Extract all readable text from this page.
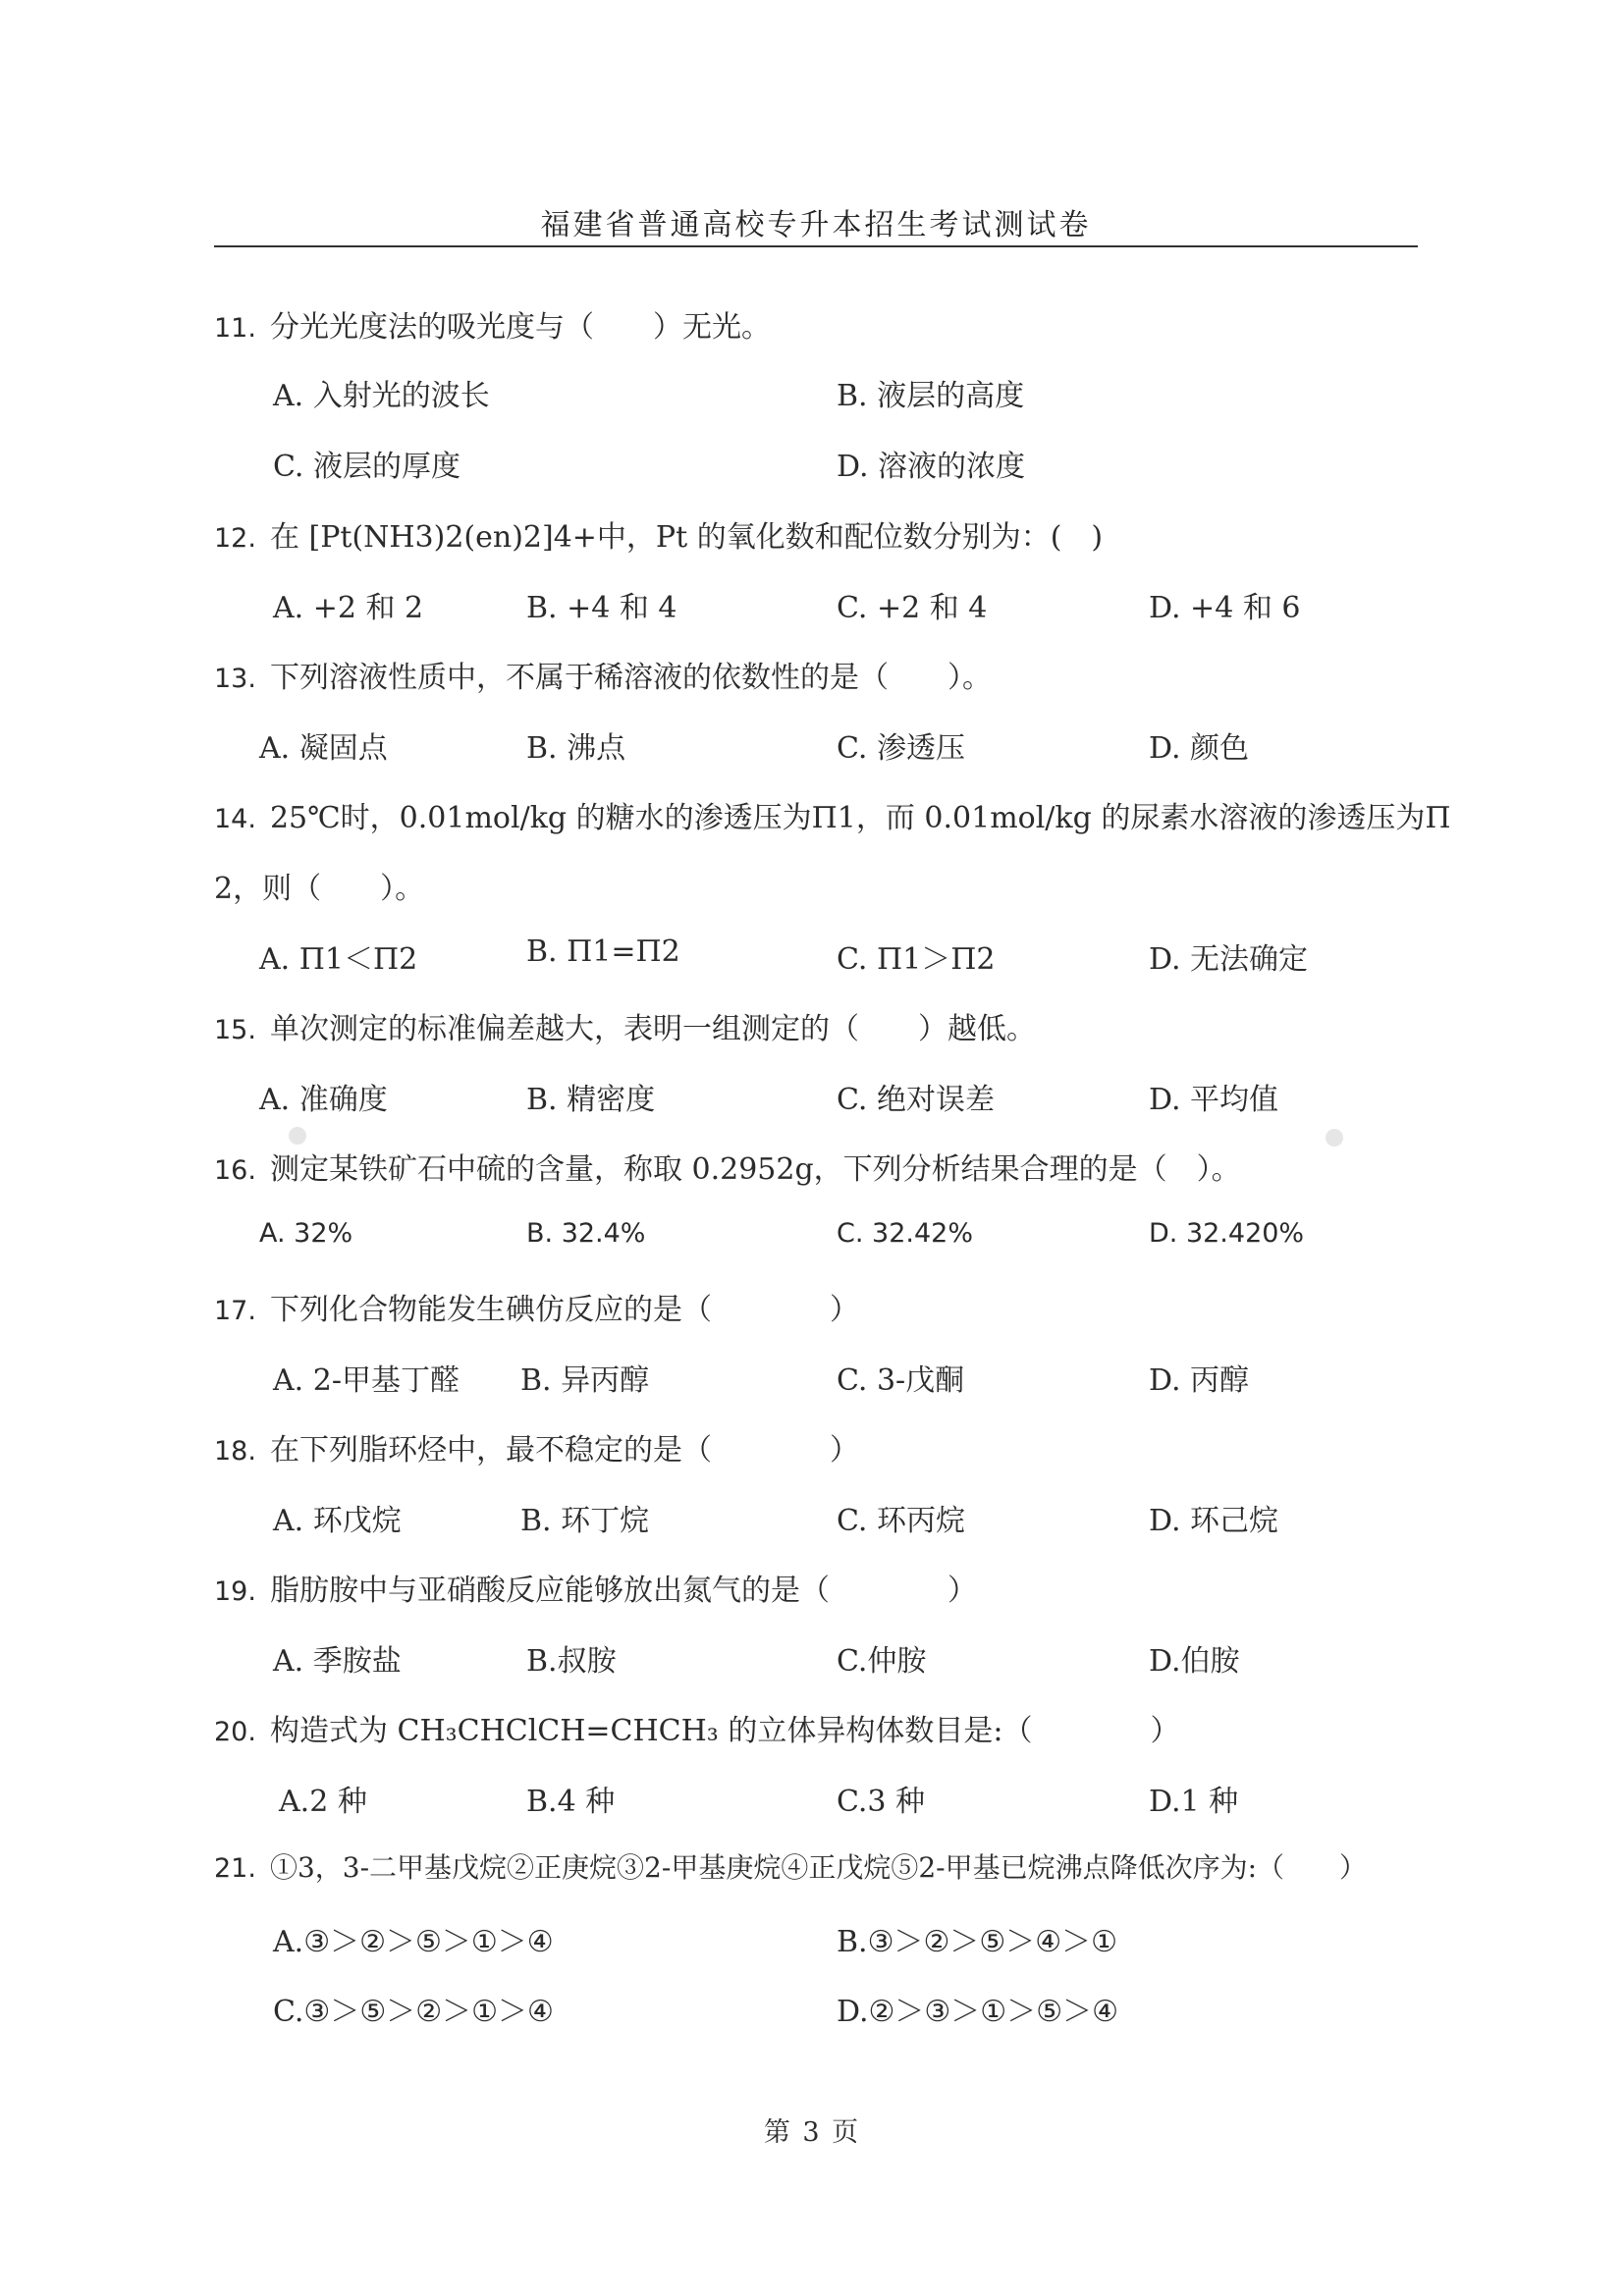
福建省普通高校专升本招生考试测试卷
11. 分光光度法的吸光度与（　　）无光。
A. 入射光的波长	B. 液层的高度
C. 液层的厚度	D. 溶液的浓度
12. 在 [Pt(NH3)2(en)2]4+中，Pt 的氧化数和配位数分别为：(　)
A. +2 和 2	B. +4 和 4	C. +2 和 4	D. +4 和 6
13. 下列溶液性质中，不属于稀溶液的依数性的是（　　）。
A. 凝固点	B. 沸点	C. 渗透压	D. 颜色
14. 25℃时，0.01mol/kg 的糖水的渗透压为Π1，而 0.01mol/kg 的尿素水溶液的渗透压为Π
2，则（　　）。
A. Π1＜Π2	B. Π1=Π2	C. Π1＞Π2	D. 无法确定
15. 单次测定的标准偏差越大，表明一组测定的（　　）越低。
A. 准确度	B. 精密度	C. 绝对误差	D. 平均值
16. 测定某铁矿石中硫的含量，称取 0.2952g，下列分析结果合理的是（　）。
A. 32%	B. 32.4%	C. 32.42%	D. 32.420%
17. 下列化合物能发生碘仿反应的是（　　　　）
A. 2-甲基丁醛 B. 异丙醇	C. 3-戊酮	D. 丙醇
18. 在下列脂环烃中，最不稳定的是（　　　　）
A. 环戊烷	B. 环丁烷	C. 环丙烷	D. 环己烷
19. 脂肪胺中与亚硝酸反应能够放出氮气的是（　　　　）
A. 季胺盐	B.叔胺	C.仲胺	D.伯胺
20. 构造式为 CH₃CHClCH=CHCH₃ 的立体异构体数目是:（　　　　）
A.2 种	B.4 种	C.3 种	D.1 种
21. ①3，3-二甲基戊烷②正庚烷③2-甲基庚烷④正戊烷⑤2-甲基已烷沸点降低次序为:（　　）
A.③＞②＞⑤＞①＞④	B.③＞②＞⑤＞④＞①
C.③＞⑤＞②＞①＞④	D.②＞③＞①＞⑤＞④
第 3 页
